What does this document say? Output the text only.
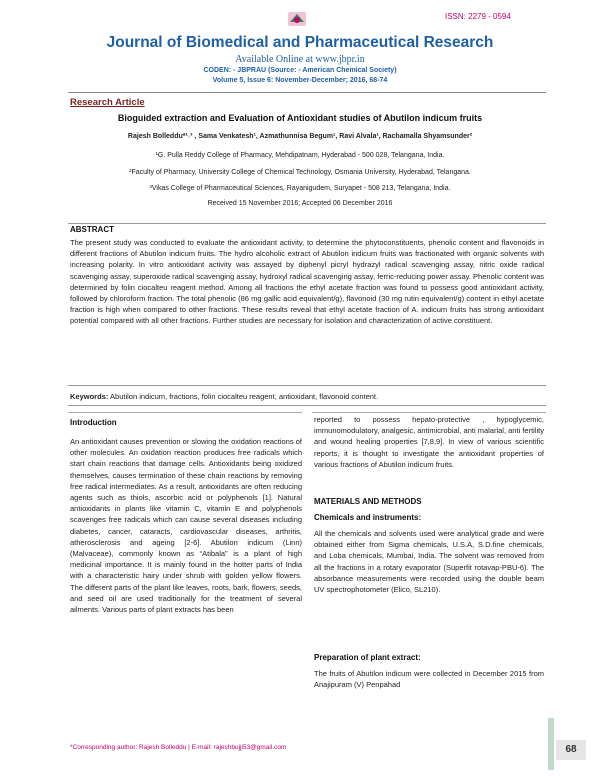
ISSN: 2279 - 0594
Journal of Biomedical and Pharmaceutical Research
Available Online at www.jbpr.in
CODEN: - JBPRAU (Source: - American Chemical Society)
Volume 5, Issue 6: November-December; 2016, 68-74
Research Article
Bioguided extraction and Evaluation of Antioxidant studies of Abutilon indicum fruits
Rajesh Bolleddu*¹˒³ , Sama Venkatesh¹, Azmathunnisa Begum¹, Ravi Alvala¹, Rachamalla Shyamsunder²
¹G. Pulla Reddy College of Pharmacy, Mehdipatnam, Hyderabad - 500 028, Telangana, India.
²Faculty of Pharmacy, University College of Chemical Technology, Osmania University, Hyderabad, Telangana.
³Vikas College of Pharmaceutical Sciences, Rayanigudem, Suryapet - 508 213, Telangana, India.
Received 15 November 2016; Accepted 06 December 2016
ABSTRACT
The present study was conducted to evaluate the antioxidant activity, to determine the phytoconstituents, phenolic content and flavonoids in different fractions of Abutilon indicum fruits. The hydro alcoholic extract of Abutilon indicum fruits was fractionated with organic solvents with increasing polarity. In vitro antioxidant activity was assayed by diphenyl picryl hydrazyl radical scavenging assay, nitric oxide radical scavenging assay, superoxide radical scavenging assay, hydroxyl radical scavenging assay, ferric-reducing power assay. Phenolic content was determined by folin ciocalteu reagent method. Among all fractions the ethyl acetate fraction was found to possess good antioxidant activity, followed by chloroform fraction. The total phenolic (86 mg gallic acid equivalent/g), flavonoid (30 mg rutin equivalent/g) content in ethyl acetate fraction is high when compared to other fractions. These results reveal that ethyl acetate fraction of A. indicum fruits has strong antioxidant potential compared with all other fractions. Further studies are necessary for isolation and characterization of active constituent.
Keywords: Abutilon indicum, fractions, folin ciocalteu reagent, antioxidant, flavonoid content.
Introduction
An antioxidant causes prevention or slowing the oxidation reactions of other molecules. An oxidation reaction produces free radicals which start chain reactions that damage cells. Antioxidants being oxidized themselves, causes termination of these chain reactions by removing free radical intermediates. As a result, antioxidants are often reducing agents such as thiols, ascorbic acid or polyphenols [1]. Natural antioxidants in plants like vitamin C, vitamin E and polyphenols scavenges free radicals which can cause several diseases including diabetes, cancer, cataracts, cardiovascular diseases, arthritis, atherosclerosis and ageing [2-6]. Abutilon indicum (Linn) (Malvaceae), commonly known as “Atibala” is a plant of high medicinal importance. It is mainly found in the hotter parts of India with a characteristic hairy under shrub with golden yellow flowers. The different parts of the plant like leaves, roots, bark, flowers, seeds, and seed oil are used traditionally for the treatment of several ailments. Various parts of plant extracts has been
reported to possess hepato-protective , hypoglycemic, immunomodulatory, analgesic, antimicrobial, anti malarial, anti fertility and wound healing properties [7,8,9]. In view of various scientific reports, it is thought to investigate the antioxidant properties of various fractions of Abutilon indicum fruits.
MATERIALS AND METHODS
Chemicals and instruments:
All the chemicals and solvents used were analytical grade and were obtained either from Sigma chemicals, U.S.A, S.D.fine chemicals, and Loba chemicals, Mumbai, India. The solvent was removed from all the fractions in a rotary evaporator (Superfit rotavap-PBU-6). The absorbance measurements were recorded using the double beam UV spectrophotometer (Elico, SL210).
Preparation of plant extract:
The fruits of Abutilon indicum were collected in December 2015 from Anajipuram (V) Penpahad
*Corresponding author: Rajesh Bolleddu | E-mail: rajeshbujji53@gmail.com	68
